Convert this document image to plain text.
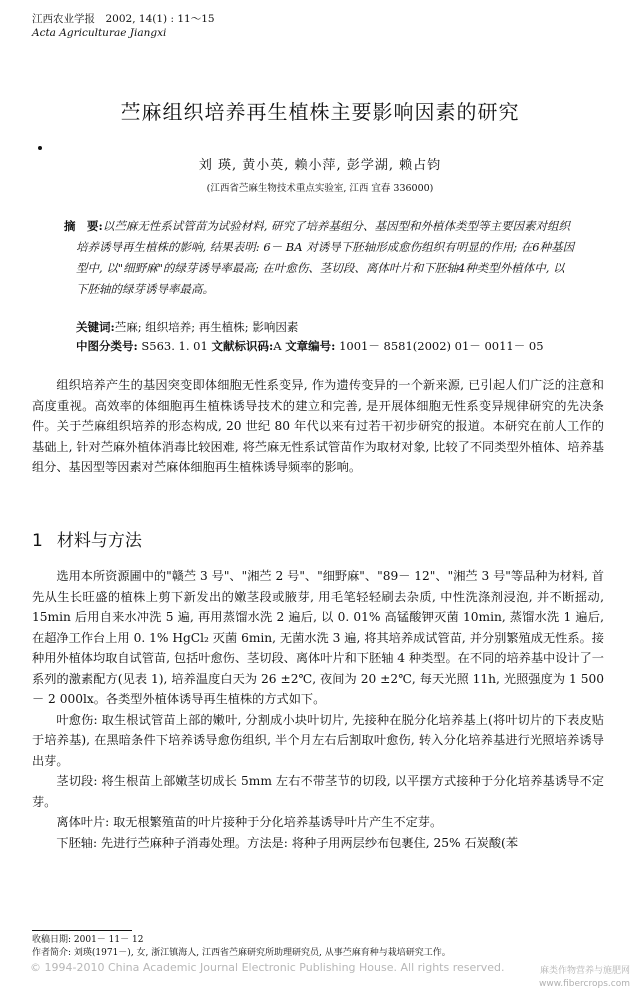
江西农业学报　2002, 14(1) : 11～15
Acta Agriculturae Jiangxi
苎麻组织培养再生植株主要影响因素的研究
刘 瑛, 黄小英, 赖小萍, 彭学湖, 赖占钧
(江西省苎麻生物技术重点实验室, 江西 宜春 336000)
摘　要:以苎麻无性系试管苗为试验材料, 研究了培养基组分、基因型和外植体类型等主要因素对组织培养诱导再生植株的影响, 结果表明: 6－ BA 对诱导下胚轴形成愈伤组织有明显的作用; 在6种基因型中, 以"细野麻"的绿芽诱导率最高; 在叶愈伤、茎切段、离体叶片和下胚轴4种类型外植体中, 以下胚轴的绿芽诱导率最高。
关键词:苎麻; 组织培养; 再生植株; 影响因素
中图分类号: S563. 1. 01 文献标识码:A 文章编号: 1001－ 8581(2002) 01－ 0011－ 05

组织培养产生的基因突变即体细胞无性系变异, 作为遗传变异的一个新来源, 已引起人们广泛的注意和高度重视。高效率的体细胞再生植株诱导技术的建立和完善, 是开展体细胞无性系变异规律研究的先决条件。关于苎麻组织培养的形态构成, 20 世纪 80 年代以来有过若干初步研究的报道。本研究在前人工作的基础上, 针对苎麻外植体消毒比较困难, 将苎麻无性系试管苗作为取材对象, 比较了不同类型外植体、培养基组分、基因型等因素对苎麻体细胞再生植株诱导频率的影响。

1 材料与方法

选用本所资源圃中的"赣苎 3 号"、"湘苎 2 号"、"细野麻"、"89－ 12"、"湘苎 3 号"等品种为材料, 首先从生长旺盛的植株上剪下新发出的嫩茎段或腋芽, 用毛笔轻轻刷去杂质, 中性洗涤剂浸泡, 并不断摇动, 15min 后用自来水冲洗 5 遍, 再用蒸馏水洗 2 遍后, 以 0. 01% 高锰酸钾灭菌 10min, 蒸馏水洗 1 遍后, 在超净工作台上用 0. 1% HgCl₂ 灭菌 6min, 无菌水洗 3 遍, 将其培养成试管苗, 并分别繁殖成无性系。接种用外植体均取自试管苗, 包括叶愈伤、茎切段、离体叶片和下胚轴 4 种类型。在不同的培养基中设计了一系列的激素配方(见表 1), 培养温度白天为 26 ±2℃, 夜间为 20 ±2℃, 每天光照 11h, 光照强度为 1 500－ 2 000lx。各类型外植体诱导再生植株的方式如下。

叶愈伤: 取生根试管苗上部的嫩叶, 分割成小块叶切片, 先接种在脱分化培养基上(将叶切片的下表皮贴于培养基), 在黑暗条件下培养诱导愈伤组织, 半个月左右后割取叶愈伤, 转入分化培养基进行光照培养诱导出芽。

茎切段: 将生根苗上部嫩茎切成长 5mm 左右不带茎节的切段, 以平摆方式接种于分化培养基诱导不定芽。

离体叶片: 取无根繁殖苗的叶片接种于分化培养基诱导叶片产生不定芽。

下胚轴: 先进行苎麻种子消毒处理。方法是: 将种子用两层纱布包裹住, 25% 石炭酸(苯

收稿日期: 2001－ 11－ 12
作者简介: 刘瑛(1971－), 女, 浙江镇海人, 江西省苎麻研究所助理研究员, 从事苎麻育种与栽培研究工作。
© 1994-2010 China Academic Journal Electronic Publishing House. All rights reserved.	麻类作物营养与施肥网
www.fibercrops.com
